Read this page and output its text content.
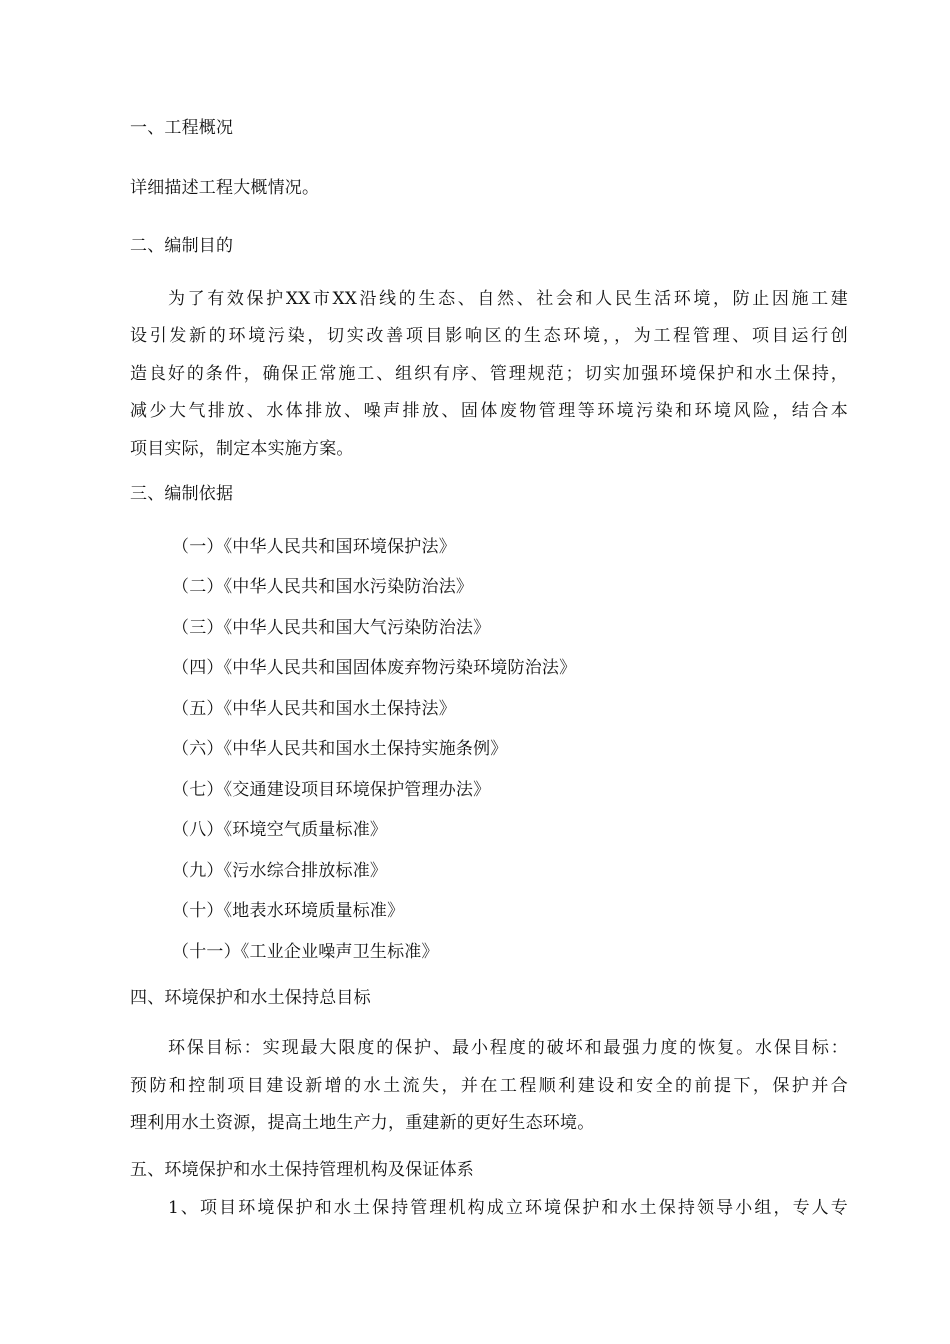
一、工程概况
详细描述工程大概情况。
二、编制目的
为了有效保护XX市XX沿线的生态、自然、社会和人民生活环境，防止因施工建
设引发新的环境污染，切实改善项目影响区的生态环境，，为工程管理、项目运行创
造良好的条件，确保正常施工、组织有序、管理规范；切实加强环境保护和水土保持，
减少大气排放、水体排放、噪声排放、固体废物管理等环境污染和环境风险，结合本
项目实际，制定本实施方案。
三、编制依据
（一）《中华人民共和国环境保护法》
（二）《中华人民共和国水污染防治法》
（三）《中华人民共和国大气污染防治法》
（四）《中华人民共和国固体废弃物污染环境防治法》
（五）《中华人民共和国水土保持法》
（六）《中华人民共和国水土保持实施条例》
（七）《交通建设项目环境保护管理办法》
（八）《环境空气质量标准》
（九）《污水综合排放标准》
（十）《地表水环境质量标准》
（十一）《工业企业噪声卫生标准》
四、环境保护和水土保持总目标
环保目标：实现最大限度的保护、最小程度的破坏和最强力度的恢复。水保目标：
预防和控制项目建设新增的水土流失，并在工程顺利建设和安全的前提下，保护并合
理利用水土资源，提高土地生产力，重建新的更好生态环境。
五、环境保护和水土保持管理机构及保证体系
1、项目环境保护和水土保持管理机构成立环境保护和水土保持领导小组，专人专
